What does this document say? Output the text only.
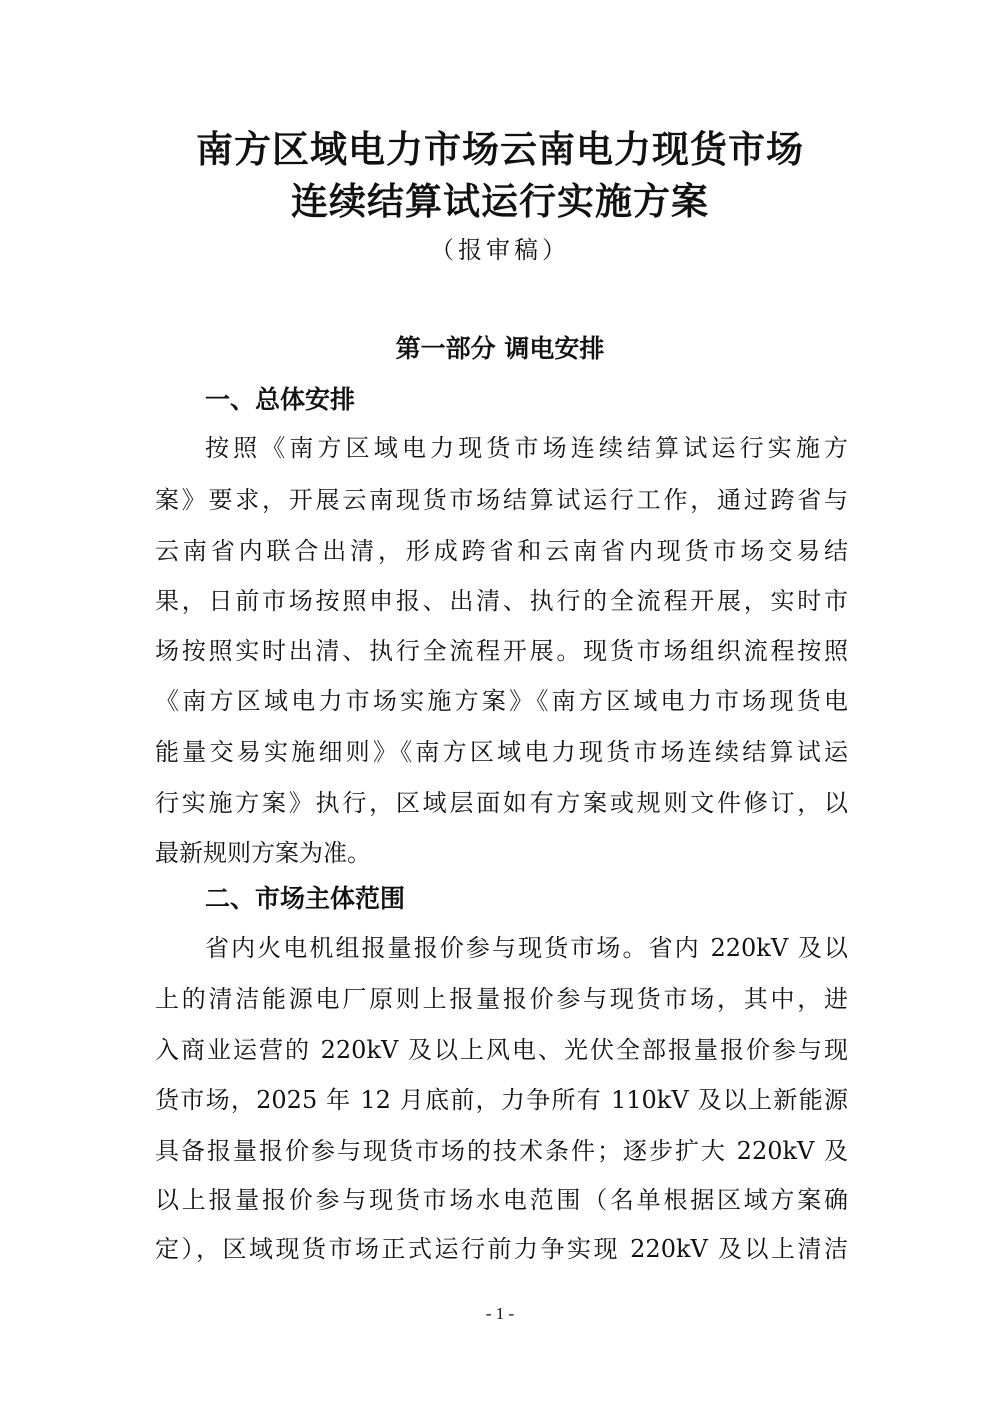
南方区域电力市场云南电力现货市场
连续结算试运行实施方案
（报审稿）
第一部分 调电安排
一、总体安排
按照《南方区域电力现货市场连续结算试运行实施方
案》要求，开展云南现货市场结算试运行工作，通过跨省与
云南省内联合出清，形成跨省和云南省内现货市场交易结
果，日前市场按照申报、出清、执行的全流程开展，实时市
场按照实时出清、执行全流程开展。现货市场组织流程按照
《南方区域电力市场实施方案》《南方区域电力市场现货电
能量交易实施细则》《南方区域电力现货市场连续结算试运
行实施方案》执行，区域层面如有方案或规则文件修订，以
最新规则方案为准。
二、市场主体范围
省内火电机组报量报价参与现货市场。省内 220kV 及以
上的清洁能源电厂原则上报量报价参与现货市场，其中，进
入商业运营的 220kV 及以上风电、光伏全部报量报价参与现
货市场，2025 年 12 月底前，力争所有 110kV 及以上新能源
具备报量报价参与现货市场的技术条件；逐步扩大 220kV 及
以上报量报价参与现货市场水电范围（名单根据区域方案确
定），区域现货市场正式运行前力争实现 220kV 及以上清洁
- 1 -
